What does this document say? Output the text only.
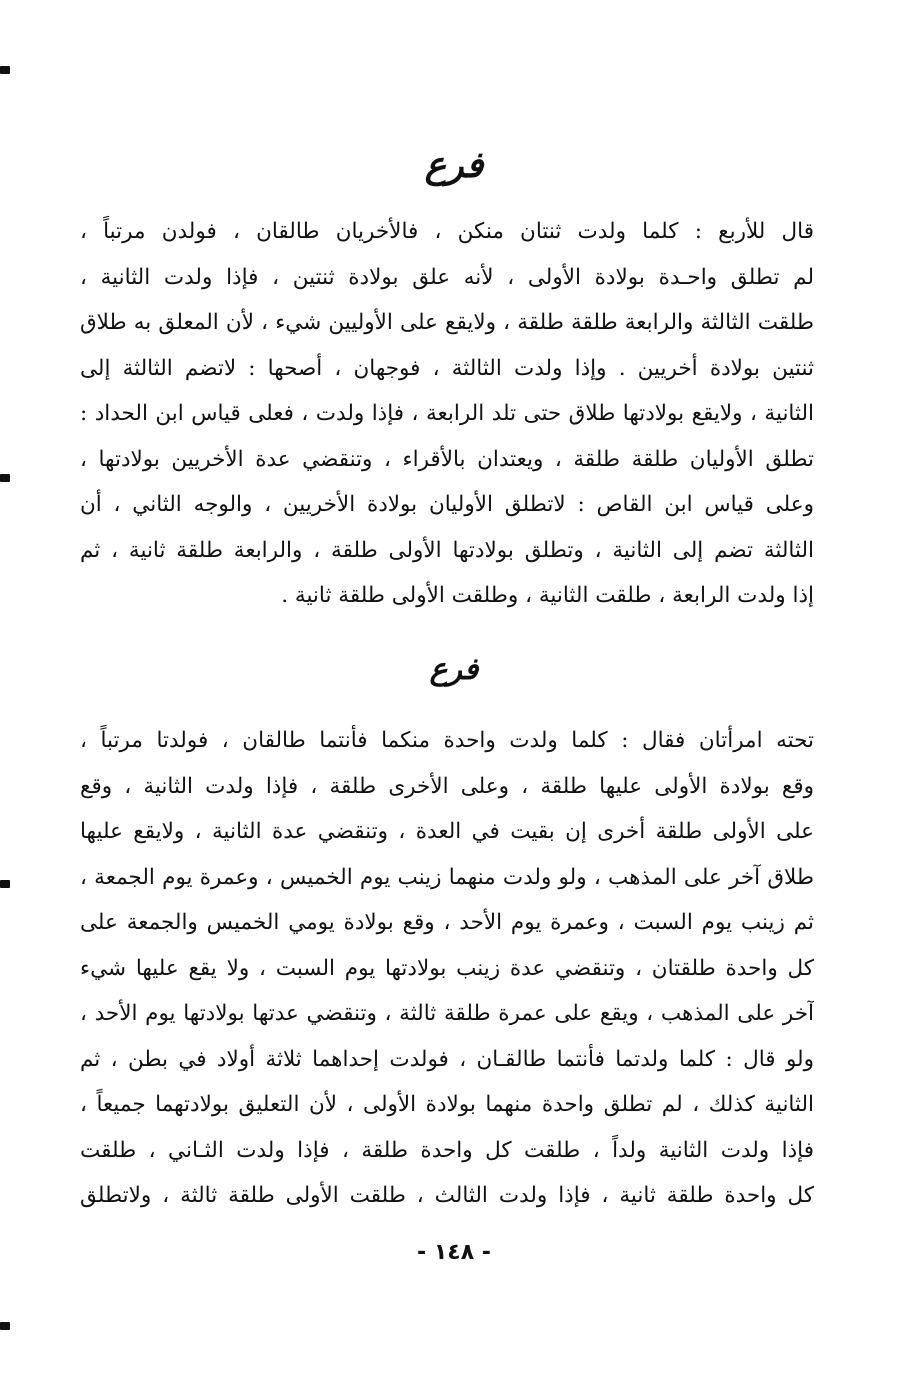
فرع
قال للأربع : كلما ولدت ثنتان منكن ، فالأخريان طالقان ، فولدن مرتباً ،
لم تطلق واحـدة بولادة الأولى ، لأنه علق بولادة ثنتين ، فإذا ولدت الثانية ،
طلقت الثالثة والرابعة طلقة طلقة ، ولايقع على الأوليين شيء ، لأن المعلق به طلاق
ثنتين بولادة أخريين . وإذا ولدت الثالثة ، فوجهان ، أصحها : لاتضم الثالثة إلى
الثانية ، ولايقع بولادتها طلاق حتى تلد الرابعة ، فإذا ولدت ، فعلى قياس ابن الحداد :
تطلق الأوليان طلقة طلقة ، ويعتدان بالأقراء ، وتنقضي عدة الأخريين بولادتها ،
وعلى قياس ابن القاص : لاتطلق الأوليان بولادة الأخريين ، والوجه الثاني ، أن
الثالثة تضم إلى الثانية ، وتطلق بولادتها الأولى طلقة ، والرابعة طلقة ثانية ، ثم
إذا ولدت الرابعة ، طلقت الثانية ، وطلقت الأولى طلقة ثانية .
فرع
تحته امرأتان فقال : كلما ولدت واحدة منكما فأنتما طالقان ، فولدتا مرتباً ،
وقع بولادة الأولى عليها طلقة ، وعلى الأخرى طلقة ، فإذا ولدت الثانية ، وقع
على الأولى طلقة أخرى إن بقيت في العدة ، وتنقضي عدة الثانية ، ولايقع عليها
طلاق آخر على المذهب ، ولو ولدت منهما زينب يوم الخميس ، وعمرة يوم الجمعة ،
ثم زينب يوم السبت ، وعمرة يوم الأحد ، وقع بولادة يومي الخميس والجمعة على
كل واحدة طلقتان ، وتنقضي عدة زينب بولادتها يوم السبت ، ولا يقع عليها شيء
آخر على المذهب ، ويقع على عمرة طلقة ثالثة ، وتنقضي عدتها بولادتها يوم الأحد ،
ولو قال : كلما ولدتما فأنتما طالقـان ، فولدت إحداهما ثلاثة أولاد في بطن ، ثم
الثانية كذلك ، لم تطلق واحدة منهما بولادة الأولى ، لأن التعليق بولادتهما جميعاً ،
فإذا ولدت الثانية ولداً ، طلقت كل واحدة طلقة ، فإذا ولدت الثـاني ، طلقت
كل واحدة طلقة ثانية ، فإذا ولدت الثالث ، طلقت الأولى طلقة ثالثة ، ولاتطلق
- ١٤٨ -
